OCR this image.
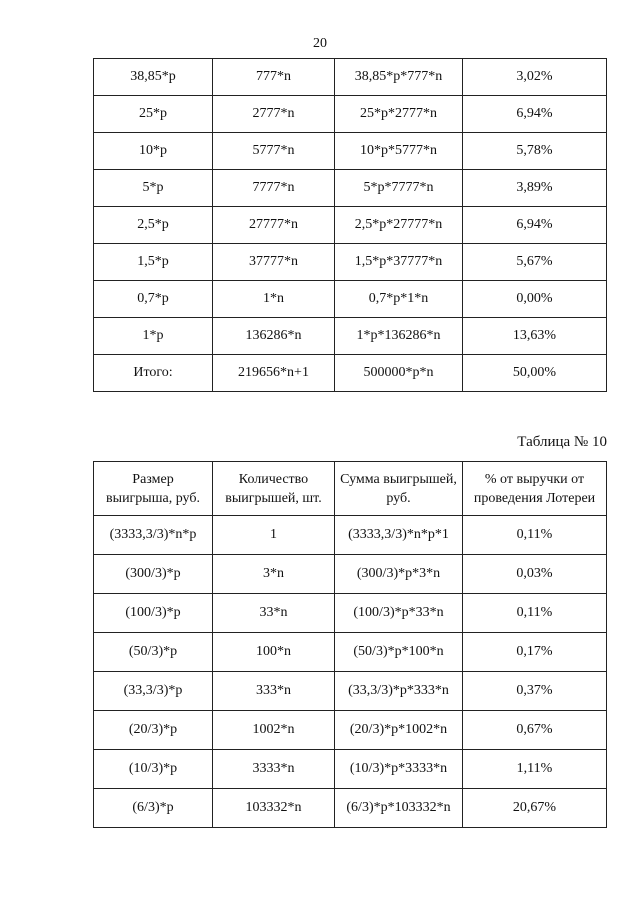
20
38,85*p	777*n	38,85*p*777*n	3,02%
25*p	2777*n	25*p*2777*n	6,94%
10*p	5777*n	10*p*5777*n	5,78%
5*p	7777*n	5*p*7777*n	3,89%
2,5*p	27777*n	2,5*p*27777*n	6,94%
1,5*p	37777*n	1,5*p*37777*n	5,67%
0,7*p	1*n	0,7*p*1*n	0,00%
1*p	136286*n	1*p*136286*n	13,63%
Итого:	219656*n+1	500000*p*n	50,00%
Таблица № 10
Размер выигрыша, руб.	Количество выигрышей, шт.	Сумма выигрышей, руб.	% от выручки от проведения Лотереи
(3333,3/3)*n*p	1	(3333,3/3)*n*p*1	0,11%
(300/3)*p	3*n	(300/3)*p*3*n	0,03%
(100/3)*p	33*n	(100/3)*p*33*n	0,11%
(50/3)*p	100*n	(50/3)*p*100*n	0,17%
(33,3/3)*p	333*n	(33,3/3)*p*333*n	0,37%
(20/3)*p	1002*n	(20/3)*p*1002*n	0,67%
(10/3)*p	3333*n	(10/3)*p*3333*n	1,11%
(6/3)*p	103332*n	(6/3)*p*103332*n	20,67%
